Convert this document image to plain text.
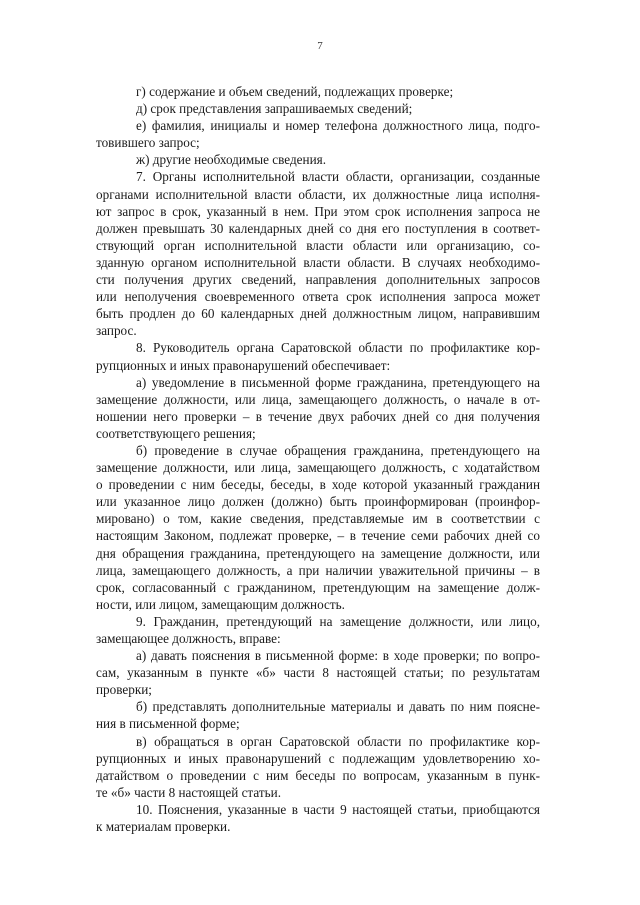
7
г) содержание и объем сведений, подлежащих проверке;
д) срок представления запрашиваемых сведений;
е) фамилия, инициалы и номер телефона должностного лица, подго-
товившего запрос;
ж) другие необходимые сведения.
7. Органы исполнительной власти области, организации, созданные
органами исполнительной власти области, их должностные лица исполня-
ют запрос в срок, указанный в нем. При этом срок исполнения запроса не
должен превышать 30 календарных дней со дня его поступления в соответ-
ствующий орган исполнительной власти области или организацию, со-
зданную органом исполнительной власти области. В случаях необходимо-
сти получения других сведений, направления дополнительных запросов
или неполучения своевременного ответа срок исполнения запроса может
быть продлен до 60 календарных дней должностным лицом, направившим
запрос.
8. Руководитель органа Саратовской области по профилактике кор-
рупционных и иных правонарушений обеспечивает:
а) уведомление в письменной форме гражданина, претендующего на
замещение должности, или лица, замещающего должность, о начале в от-
ношении него проверки – в течение двух рабочих дней со дня получения
соответствующего решения;
б) проведение в случае обращения гражданина, претендующего на
замещение должности, или лица, замещающего должность, с ходатайством
о проведении с ним беседы, беседы, в ходе которой указанный гражданин
или указанное лицо должен (должно) быть проинформирован (проинфор-
мировано) о том, какие сведения, представляемые им в соответствии с
настоящим Законом, подлежат проверке, – в течение семи рабочих дней со
дня обращения гражданина, претендующего на замещение должности, или
лица, замещающего должность, а при наличии уважительной причины – в
срок, согласованный с гражданином, претендующим на замещение долж-
ности, или лицом, замещающим должность.
9. Гражданин, претендующий на замещение должности, или лицо,
замещающее должность, вправе:
а) давать пояснения в письменной форме: в ходе проверки; по вопро-
сам, указанным в пункте «б» части 8 настоящей статьи; по результатам
проверки;
б) представлять дополнительные материалы и давать по ним поясне-
ния в письменной форме;
в) обращаться в орган Саратовской области по профилактике кор-
рупционных и иных правонарушений с подлежащим удовлетворению хо-
датайством о проведении с ним беседы по вопросам, указанным в пунк-
те «б» части 8 настоящей статьи.
10. Пояснения, указанные в части 9 настоящей статьи, приобщаются
к материалам проверки.
